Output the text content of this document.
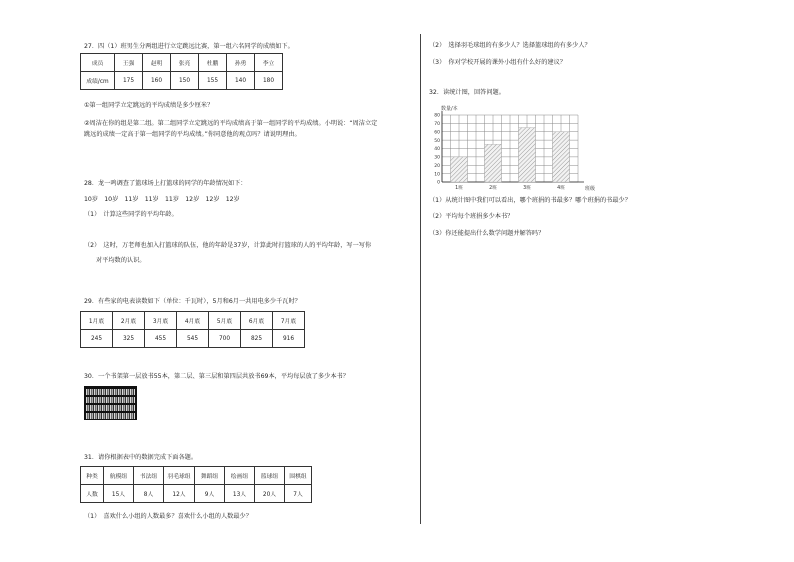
27．四（1）班男生分两组进行立定跳远比赛，第一组六名同学的成绩如下。
成员	王强	赵明	张亮	杜鹏	孙勇	李立
成绩/cm	175	160	150	155	140	180
①第一组同学立定跳远的平均成绩是多少厘米？
②周洁在你的组是第二组。第二组同学立定跳远的平均成绩高于第一组同学的平均成绩。小明说：“周洁立定
跳远的成绩一定高于第一组同学的平均成绩。”你同意他的观点吗？请说明理由。
28．龙一鸣调查了篮球场上打篮球的同学的年龄情况如下：
10岁　10岁　11岁　11岁　11岁　12岁　12岁　12岁
（1）　计算这些同学的平均年龄。
（2）　这时，万老师也加入打篮球的队伍，他的年龄是37岁，计算此时打篮球的人的平均年龄，写一写你
对平均数的认识。
29．有些家的电表读数如下（单位：千瓦时），5月和6月一共用电多少千瓦时？
1月底	2月底	3月底	4月底	5月底	6月底	7月底
245	325	455	545	700	825	916
30．一个书架第一层放书55本，第二层、第三层和第四层共放书69本，平均每层放了多少本书？
31．请你根据表中的数据完成下面各题。
种类	航模组	书法组	羽毛球组	舞蹈组	绘画组	篮球组	围棋组
人数	15人	8人	12人	9人	13人	20人	7人
（1）　喜欢什么小组的人数最多？喜欢什么小组的人数最少？
（2）　选择羽毛球组的有多少人？选择篮球组的有多少人？
（3）　你对学校开展的课外小组有什么好的建议？
32．读统计图，回答问题。
数量/本
班级
0
10
20
30
40
50
60
70
80
1班	2班	3班	4班
（1）从统计图中我们可以看出，哪个班捐的书最多？哪个班捐的书最少？
（2）平均每个班捐多少本书？
（3）你还能提出什么数学问题并解答吗？
